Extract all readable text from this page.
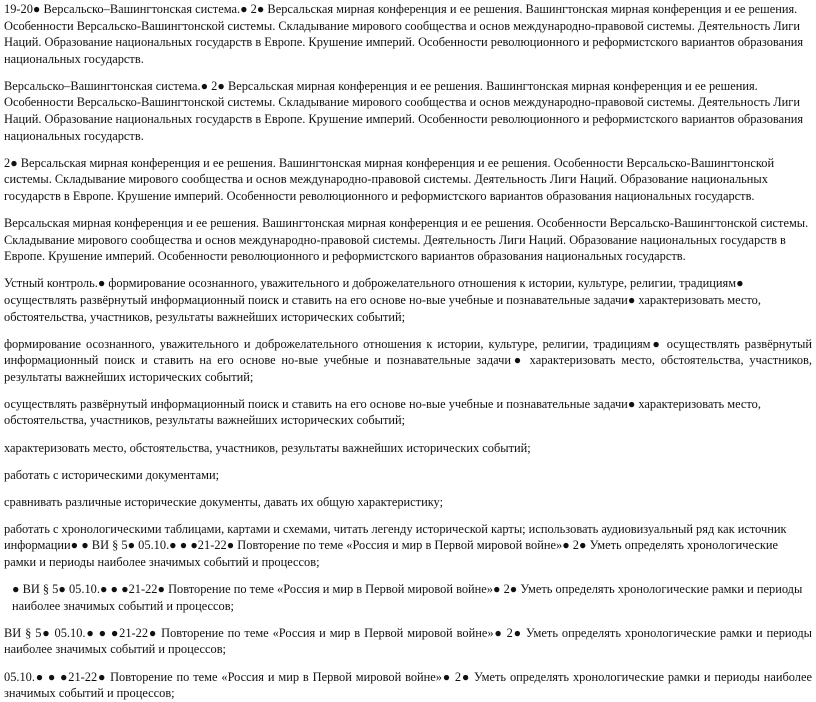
19-20● Версальско–Вашингтонская система.● 2● Версальская мирная конференция и ее решения. Вашингтонская мирная конференция и ее решения. Особенности Версальско-Вашингтонской системы. Складывание мирового сообщества и основ международно-правовой системы. Деятельность Лиги Наций. Образование национальных государств в Европе. Крушение империй. Особенности революционного и реформистского вариантов образования национальных государств.

Версальско–Вашингтонская система.● 2● Версальская мирная конференция и ее решения. Вашингтонская мирная конференция и ее решения. Особенности Версальско-Вашингтонской системы. Складывание мирового сообщества и основ международно-правовой системы. Деятельность Лиги Наций. Образование национальных государств в Европе. Крушение империй. Особенности революционного и реформистского вариантов образования национальных государств.

2● Версальская мирная конференция и ее решения. Вашингтонская мирная конференция и ее решения. Особенности Версальско-Вашингтонской системы. Складывание мирового сообщества и основ международно-правовой системы. Деятельность Лиги Наций. Образование национальных государств в Европе. Крушение империй. Особенности революционного и реформистского вариантов образования национальных государств.

Версальская мирная конференция и ее решения. Вашингтонская мирная конференция и ее решения. Особенности Версальско-Вашингтонской системы. Складывание мирового сообщества и основ международно-правовой системы. Деятельность Лиги Наций. Образование национальных государств в Европе. Крушение империй. Особенности революционного и реформистского вариантов образования национальных государств.

Устный контроль.● формирование осознанного, уважительного и доброжелательного отношения к истории, культуре, религии, традициям● осуществлять развёрнутый информационный поиск и ставить на его основе но-вые учебные и познавательные задачи● характеризовать место, обстоятельства, участников, результаты важнейших исторических событий;

формирование осознанного, уважительного и доброжелательного отношения к истории, культуре, религии, традициям● осуществлять развёрнутый информационный поиск и ставить на его основе но-вые учебные и познавательные задачи● характеризовать место, обстоятельства, участников, результаты важнейших исторических событий;

осуществлять развёрнутый информационный поиск и ставить на его основе но-вые учебные и познавательные задачи● характеризовать место, обстоятельства, участников, результаты важнейших исторических событий;

характеризовать место, обстоятельства, участников, результаты важнейших исторических событий;

работать с историческими документами;

сравнивать различные исторические документы, давать их общую характеристику;

работать с хронологическими таблицами, картами и схемами, читать легенду исторической карты; использовать аудиовизуальный ряд как источник информации● ● ВИ § 5● 05.10.● ● ●21-22● Повторение по теме «Россия и мир в Первой мировой войне»● 2● Уметь определять хронологические рамки и периоды наиболее значимых событий и процессов;

● ВИ § 5● 05.10.● ● ●21-22● Повторение по теме «Россия и мир в Первой мировой войне»● 2● Уметь определять хронологические рамки и периоды наиболее значимых событий и процессов;

ВИ § 5● 05.10.● ● ●21-22● Повторение по теме «Россия и мир в Первой мировой войне»● 2● Уметь определять хронологические рамки и периоды наиболее значимых событий и процессов;

05.10.● ● ●21-22● Повторение по теме «Россия и мир в Первой мировой войне»● 2● Уметь определять хронологические рамки и периоды наиболее значимых событий и процессов;
